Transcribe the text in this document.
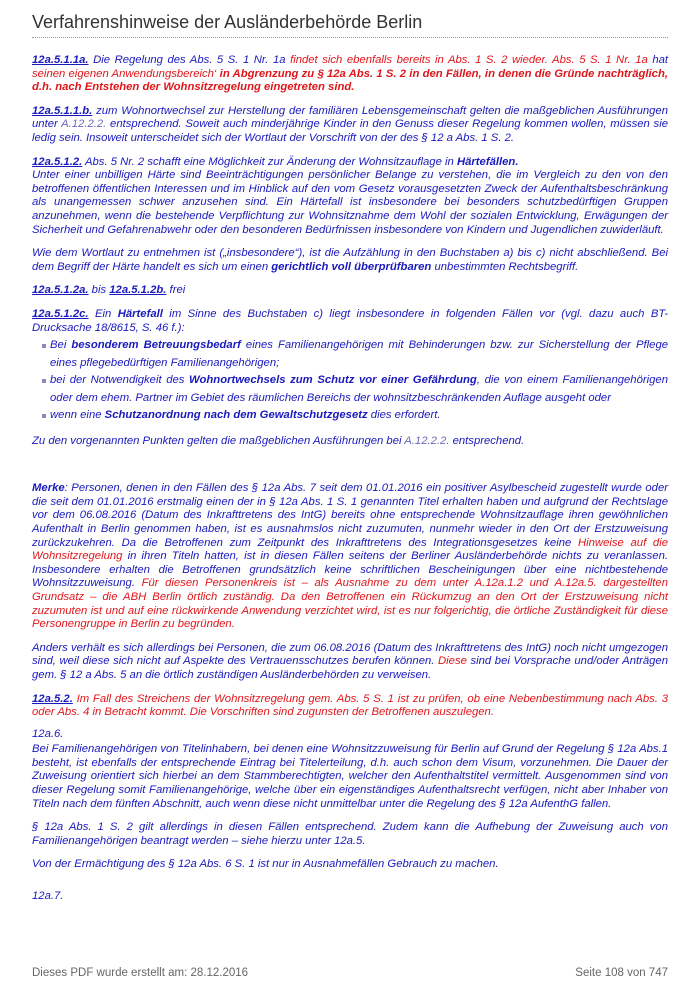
Verfahrenshinweise der Ausländerbehörde Berlin

12a.5.1.1a. Die Regelung des Abs. 5 S. 1 Nr. 1a findet sich ebenfalls bereits in Abs. 1 S. 2 wieder. Abs. 5 S. 1 Nr. 1a hat seinen eigenen Anwendungsbereich‘ in Abgrenzung zu § 12a Abs. 1 S. 2 in den Fällen, in denen die Gründe nachträglich, d.h. nach Entstehen der Wohnsitzregelung eingetreten sind.

12a.5.1.1.b. zum Wohnortwechsel zur Herstellung der familiären Lebensgemeinschaft gelten die maßgeblichen Ausführungen unter A.12.2.2. entsprechend. Soweit auch minderjährige Kinder in den Genuss dieser Regelung kommen wollen, müssen sie ledig sein. Insoweit unterscheidet sich der Wortlaut der Vorschrift von der des § 12 a Abs. 1 S. 2.

12a.5.1.2. Abs. 5 Nr. 2 schafft eine Möglichkeit zur Änderung der Wohnsitzauflage in Härtefällen.
Unter einer unbilligen Härte sind Beeinträchtigungen persönlicher Belange zu verstehen, die im Vergleich zu den von den betroffenen öffentlichen Interessen und im Hinblick auf den vom Gesetz vorausgesetzten Zweck der Aufenthaltsbeschränkung als unangemessen schwer anzusehen sind. Ein Härtefall ist insbesondere bei besonders schutzbedürftigen Gruppen anzunehmen, wenn die bestehende Verpflichtung zur Wohnsitznahme dem Wohl der sozialen Entwicklung, Erwägungen der Sicherheit und Gefahrenabwehr oder den besonderen Bedürfnissen insbesondere von Kindern und Jugendlichen zuwiderläuft.

Wie dem Wortlaut zu entnehmen ist („insbesondere“), ist die Aufzählung in den Buchstaben a) bis c) nicht abschließend. Bei dem Begriff der Härte handelt es sich um einen gerichtlich voll überprüfbaren unbestimmten Rechtsbegriff.

12a.5.1.2a. bis 12a.5.1.2b. frei

12a.5.1.2c. Ein Härtefall im Sinne des Buchstaben c) liegt insbesondere in folgenden Fällen vor (vgl. dazu auch BT-Drucksache 18/8615, S. 46 f.):

Bei besonderem Betreuungsbedarf eines Familienangehörigen mit Behinderungen bzw. zur Sicherstellung der Pflege eines pflegebedürftigen Familienangehörigen;
bei der Notwendigkeit des Wohnortwechsels zum Schutz vor einer Gefährdung, die von einem Familienangehörigen oder dem ehem. Partner im Gebiet des räumlichen Bereichs der wohnsitzbeschränkenden Auflage ausgeht oder
wenn eine Schutzanordnung nach dem Gewaltschutzgesetz dies erfordert.

Zu den vorgenannten Punkten gelten die maßgeblichen Ausführungen bei A.12.2.2. entsprechend.

Merke: Personen, denen in den Fällen des § 12a Abs. 7 seit dem 01.01.2016 ein positiver Asylbescheid zugestellt wurde oder die seit dem 01.01.2016 erstmalig einen der in § 12a Abs. 1 S. 1 genannten Titel erhalten haben und aufgrund der Rechtslage vor dem 06.08.2016 (Datum des Inkrafttretens des IntG) bereits ohne entsprechende Wohnsitzauflage ihren gewöhnlichen Aufenthalt in Berlin genommen haben, ist es ausnahmslos nicht zuzumuten, nunmehr wieder in den Ort der Erstzuweisung zurückzukehren. Da die Betroffenen zum Zeitpunkt des Inkrafttretens des Integrationsgesetzes keine Hinweise auf die Wohnsitzregelung in ihren Titeln hatten, ist in diesen Fällen seitens der Berliner Ausländerbehörde nichts zu veranlassen. Insbesondere erhalten die Betroffenen grundsätzlich keine schriftlichen Bescheinigungen über eine nichtbestehende Wohnsitzzuweisung. Für diesen Personenkreis ist – als Ausnahme zu dem unter A.12a.1.2 und A.12a.5. dargestellten Grundsatz – die ABH Berlin örtlich zuständig. Da den Betroffenen ein Rückumzug an den Ort der Erstzuweisung nicht zuzumuten ist und auf eine rückwirkende Anwendung verzichtet wird, ist es nur folgerichtig, die örtliche Zuständigkeit für diese Personengruppe in Berlin zu begründen.

Anders verhält es sich allerdings bei Personen, die zum 06.08.2016 (Datum des Inkrafttretens des IntG) noch nicht umgezogen sind, weil diese sich nicht auf Aspekte des Vertrauensschutzes berufen können. Diese sind bei Vorsprache und/oder Anträgen gem. § 12 a Abs. 5 an die örtlich zuständigen Ausländerbehörden zu verweisen.

12a.5.2. Im Fall des Streichens der Wohnsitzregelung gem. Abs. 5 S. 1 ist zu prüfen, ob eine Nebenbestimmung nach Abs. 3 oder Abs. 4 in Betracht kommt. Die Vorschriften sind zugunsten der Betroffenen auszulegen.

12a.6.

Bei Familienangehörigen von Titelinhabern, bei denen eine Wohnsitzzuweisung für Berlin auf Grund der Regelung § 12a Abs.1 besteht, ist ebenfalls der entsprechende Eintrag bei Titelerteilung, d.h. auch schon dem Visum, vorzunehmen. Die Dauer der Zuweisung orientiert sich hierbei an dem Stammberechtigten, welcher den Aufenthaltstitel vermittelt. Ausgenommen sind von dieser Regelung somit Familienangehörige, welche über ein eigenständiges Aufenthaltsrecht verfügen, nicht aber Inhaber von Titeln nach dem fünften Abschnitt, auch wenn diese nicht unmittelbar unter die Regelung des § 12a AufenthG fallen.

§ 12a Abs. 1 S. 2 gilt allerdings in diesen Fällen entsprechend. Zudem kann die Aufhebung der Zuweisung auch von Familienangehörigen beantragt werden – siehe hierzu unter 12a.5.

Von der Ermächtigung des § 12a Abs. 6 S. 1 ist nur in Ausnahmefällen Gebrauch zu machen.

12a.7.

Dieses PDF wurde erstellt am: 28.12.2016	Seite 108 von 747
